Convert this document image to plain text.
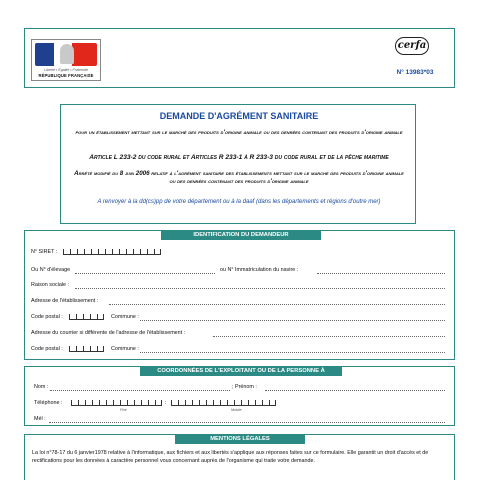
Liberté • Égalité • Fraternité
RÉPUBLIQUE FRANÇAISE
cerfa
N° 13983*03
DEMANDE D'AGRÉMENT SANITAIRE
pour un établissement mettant sur le marché des produits d'origine animale ou des denrées contenant des produits d'origine animale
Article L 233-2 du code rural et Articles R 233-1 à R 233-3 du code rural et de la pêche maritime
Arrêté modifié du 8 juin 2006 relatif à l'agrément sanitaire des établissements mettant sur le marché des produits d'origine animale ou des denrées contenant des produits d'origine animale
A renvoyer à la dd(cs)pp de votre département ou à la daaf (dans les départements et régions d'outre mer)
IDENTIFICATION DU DEMANDEUR
N° SIRET :
Ou N° d'élevage	ou N° Immatriculation du navire :
Raison sociale :
Adresse de l'établissement :
Code postal :	Commune :
Adresse du courrier si différente de l'adresse de l'établissement :
Code postal :	Commune :
COORDONNÉES DE L'EXPLOITANT OU DE LA PERSONNE À CONTACTER
Nom :	; Prénom :
Téléphone :
Fixe
:
Mobile
Mél :
MENTIONS LÉGALES
La loi n°78-17 du 6 janvier1978 relative à l'informatique, aux fichiers et aux libertés s'applique aux réponses faites sur ce formulaire. Elle garantit un droit d'accès et de rectifications pour les données à caractère personnel vous concernant auprès de l'organisme qui traite votre demande.
